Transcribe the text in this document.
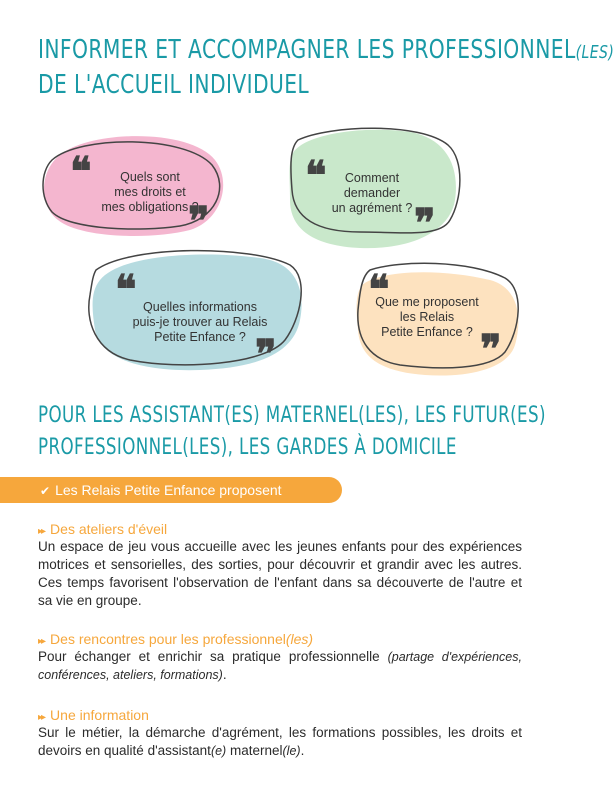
INFORMER ET ACCOMPAGNER LES PROFESSIONNEL(LES)
DE L'ACCUEIL INDIVIDUEL
❝	Quels sont
mes droits et
mes obligations ?
❞
❝	Comment
demander
un agrément ? ❞
❝ Quelles informations
puis-je trouver au Relais
Petite Enfance ? ❞
❝
Que me proposent
les Relais
Petite Enfance ? ❞
POUR LES ASSISTANT(ES) MATERNEL(LES), LES FUTUR(ES)
PROFESSIONNEL(LES), LES GARDES À DOMICILE
✔ Les Relais Petite Enfance proposent
▸▸ Des ateliers d'éveil
Un espace de jeu vous accueille avec les jeunes enfants pour des expériences motrices et sensorielles, des sorties, pour découvrir et grandir avec les autres. Ces temps favorisent l'observation de l'enfant dans sa découverte de l'autre et sa vie en groupe.
▸▸ Des rencontres pour les professionnel(les)
Pour échanger et enrichir sa pratique professionnelle (partage d'expériences, conférences, ateliers, formations).
▸▸ Une information
Sur le métier, la démarche d'agrément, les formations possibles, les droits et devoirs en qualité d'assistant(e) maternel(le).
